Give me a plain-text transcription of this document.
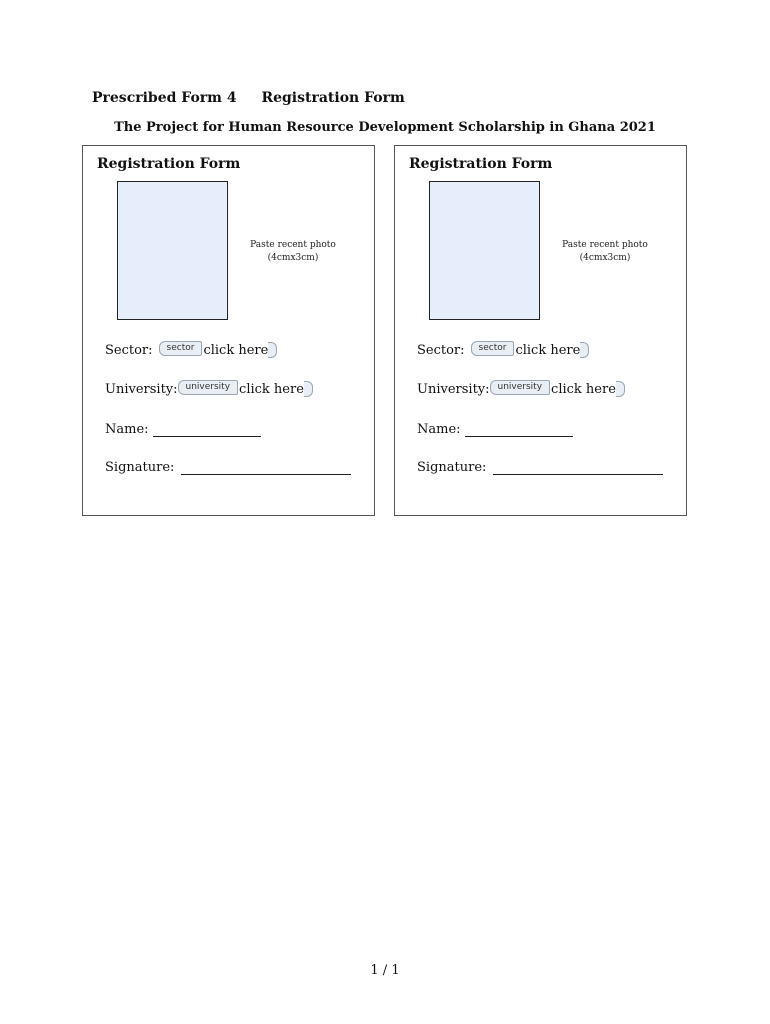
Prescribed Form 4 Registration Form
The Project for Human Resource Development Scholarship in Ghana 2021
Registration Form
Paste recent photo
(4cmx3cm)
Sector:	sector click here
University: university click here
Name:
Signature:
Registration Form
Paste recent photo
(4cmx3cm)
Sector:	sector click here
University: university click here
Name:
Signature:
1 / 1
